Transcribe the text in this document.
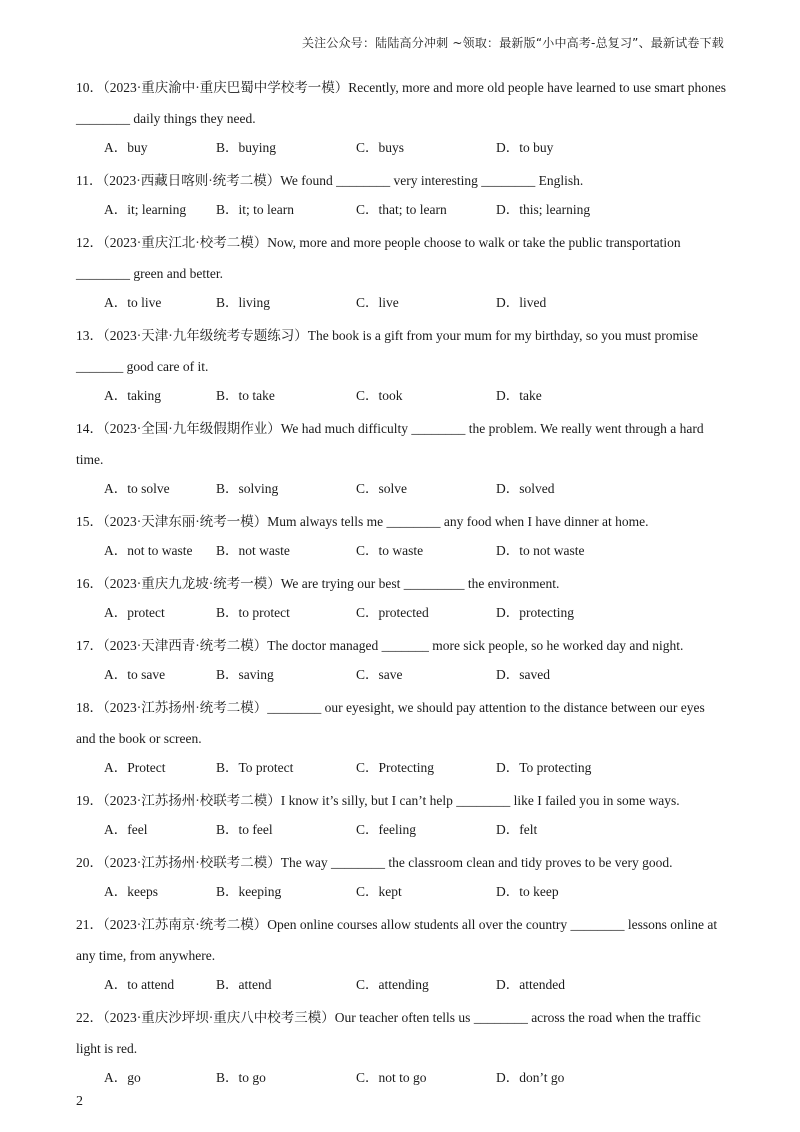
关注公众号：陆陆高分冲刺 ~领取：最新版“小中高考-总复习”、最新试卷下载

10．（2023·重庆渝中·重庆巴蜀中学校考一模）Recently, more and more old people have learned to use smart phones ________ daily things they need.

A．buy	B．buying	C．buys	D．to buy

11．（2023·西藏日喀则·统考二模）We found ________ very interesting ________ English.

A．it; learning	B．it; to learn	C．that; to learn	D．this; learning

12．（2023·重庆江北·校考二模）Now, more and more people choose to walk or take the public transportation ________ green and better.

A．to live	B．living	C．live	D．lived

13．（2023·天津·九年级统考专题练习）The book is a gift from your mum for my birthday, so you must promise _______ good care of it.

A．taking	B．to take	C．took	D．take

14．（2023·全国·九年级假期作业）We had much difficulty ________ the problem. We really went through a hard time.

A．to solve	B．solving	C．solve	D．solved

15．（2023·天津东丽·统考一模）Mum always tells me ________ any food when I have dinner at home.

A．not to waste	B．not waste	C．to waste	D．to not waste

16．（2023·重庆九龙坡·统考一模）We are trying our best _________ the environment.

A．protect	B．to protect	C．protected	D．protecting

17．（2023·天津西青·统考二模）The doctor managed _______ more sick people, so he worked day and night.

A．to save	B．saving	C．save	D．saved

18．（2023·江苏扬州·统考二模）________ our eyesight, we should pay attention to the distance between our eyes and the book or screen.

A．Protect	B．To protect	C．Protecting	D．To protecting

19．（2023·江苏扬州·校联考二模）I know it’s silly, but I can’t help ________ like I failed you in some ways.

A．feel	B．to feel	C．feeling	D．felt

20．（2023·江苏扬州·校联考二模）The way ________ the classroom clean and tidy proves to be very good.

A．keeps	B．keeping	C．kept	D．to keep

21．（2023·江苏南京·统考二模）Open online courses allow students all over the country ________ lessons online at any time, from anywhere.

A．to attend	B．attend	C．attending	D．attended

22．（2023·重庆沙坪坝·重庆八中校考三模）Our teacher often tells us ________ across the road when the traffic light is red.

A．go	B．to go	C．not to go	D．don’t go
2
